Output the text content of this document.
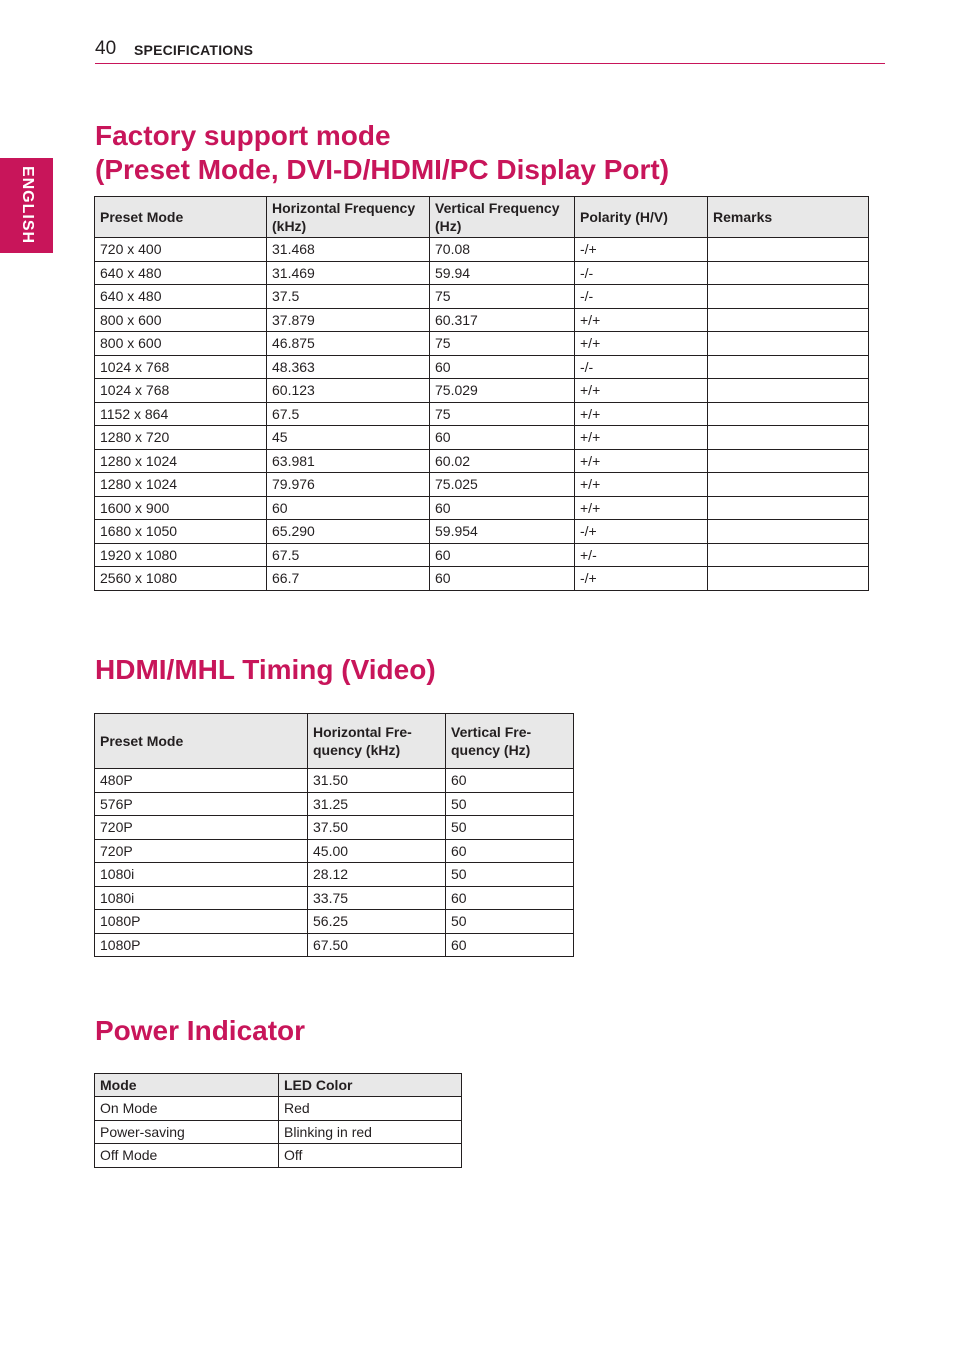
40 SPECIFICATIONS
ENGLISH
Factory support mode
(Preset Mode, DVI-D/HDMI/PC Display Port)
Preset Mode	Horizontal Frequency (kHz)	Vertical Frequency (Hz)	Polarity (H/V)	Remarks
720 x 400	31.468	70.08	-/+	
640 x 480	31.469	59.94	-/-	
640 x 480	37.5	75	-/-	
800 x 600	37.879	60.317	+/+	
800 x 600	46.875	75	+/+	
1024 x 768	48.363	60	-/-	
1024 x 768	60.123	75.029	+/+	
1152 x 864	67.5	75	+/+	
1280 x 720	45	60	+/+	
1280 x 1024	63.981	60.02	+/+	
1280 x 1024	79.976	75.025	+/+	
1600 x 900	60	60	+/+	
1680 x 1050	65.290	59.954	-/+	
1920 x 1080	67.5	60	+/-	
2560 x 1080	66.7	60	-/+	
HDMI/MHL Timing (Video)
Preset Mode	Horizontal Fre-quency (kHz)	Vertical Fre-quency (Hz)
480P	31.50	60
576P	31.25	50
720P	37.50	50
720P	45.00	60
1080i	28.12	50
1080i	33.75	60
1080P	56.25	50
1080P	67.50	60
Power Indicator
Mode	LED Color
On Mode	Red
Power-saving	Blinking in red
Off Mode	Off
